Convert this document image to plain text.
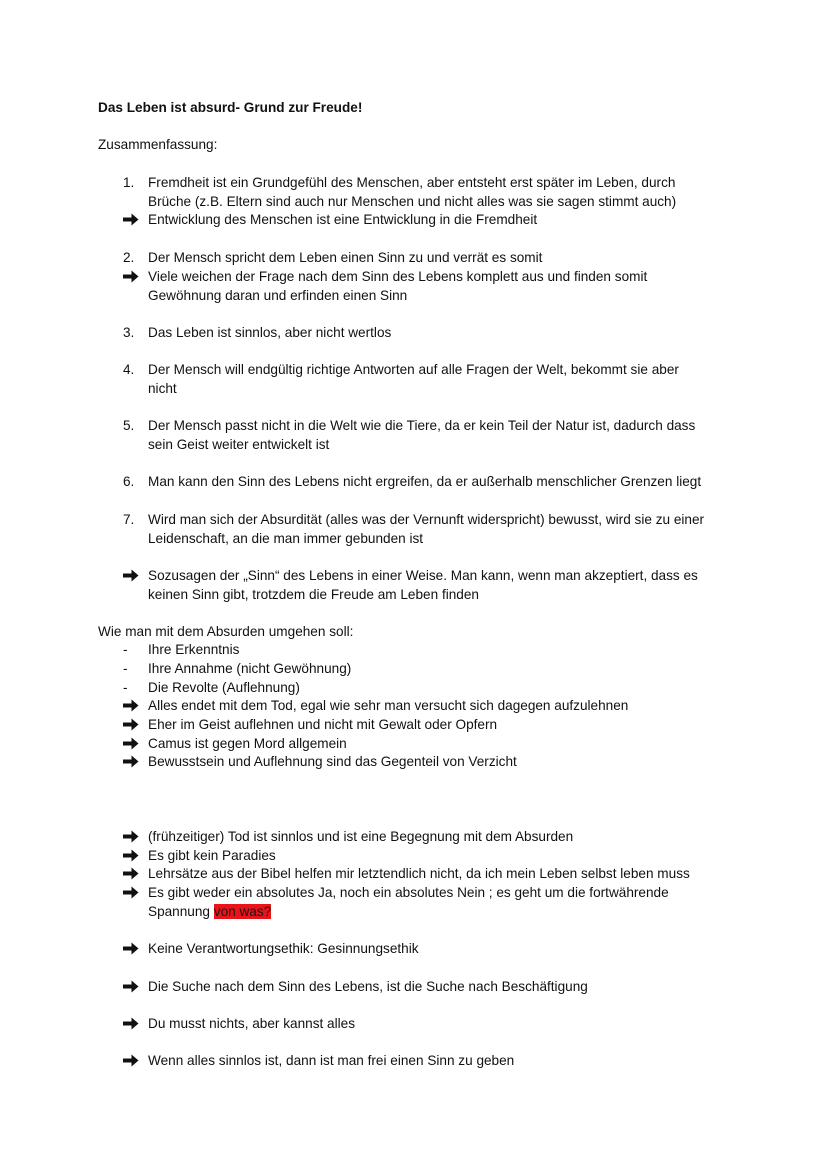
Das Leben ist absurd- Grund zur Freude!
Zusammenfassung:
1.	Fremdheit ist ein Grundgefühl des Menschen, aber entsteht erst später im Leben, durch
Brüche (z.B. Eltern sind auch nur Menschen und nicht alles was sie sagen stimmt auch)
Entwicklung des Menschen ist eine Entwicklung in die Fremdheit
2.	Der Mensch spricht dem Leben einen Sinn zu und verrät es somit
Viele weichen der Frage nach dem Sinn des Lebens komplett aus und finden somit
Gewöhnung daran und erfinden einen Sinn
3.	Das Leben ist sinnlos, aber nicht wertlos
4.	Der Mensch will endgültig richtige Antworten auf alle Fragen der Welt, bekommt sie aber
nicht
5.	Der Mensch passt nicht in die Welt wie die Tiere, da er kein Teil der Natur ist, dadurch dass
sein Geist weiter entwickelt ist
6.	Man kann den Sinn des Lebens nicht ergreifen, da er außerhalb menschlicher Grenzen liegt
7.	Wird man sich der Absurdität (alles was der Vernunft widerspricht) bewusst, wird sie zu einer
Leidenschaft, an die man immer gebunden ist
Sozusagen der „Sinn“ des Lebens in einer Weise. Man kann, wenn man akzeptiert, dass es
keinen Sinn gibt, trotzdem die Freude am Leben finden
Wie man mit dem Absurden umgehen soll:
-	Ihre Erkenntnis
-	Ihre Annahme (nicht Gewöhnung)
-	Die Revolte (Auflehnung)
Alles endet mit dem Tod, egal wie sehr man versucht sich dagegen aufzulehnen
Eher im Geist auflehnen und nicht mit Gewalt oder Opfern
Camus ist gegen Mord allgemein
Bewusstsein und Auflehnung sind das Gegenteil von Verzicht
(frühzeitiger) Tod ist sinnlos und ist eine Begegnung mit dem Absurden
Es gibt kein Paradies
Lehrsätze aus der Bibel helfen mir letztendlich nicht, da ich mein Leben selbst leben muss
Es gibt weder ein absolutes Ja, noch ein absolutes Nein ; es geht um die fortwährende
Spannung von was?
Keine Verantwortungsethik: Gesinnungsethik
Die Suche nach dem Sinn des Lebens, ist die Suche nach Beschäftigung
Du musst nichts, aber kannst alles
Wenn alles sinnlos ist, dann ist man frei einen Sinn zu geben
